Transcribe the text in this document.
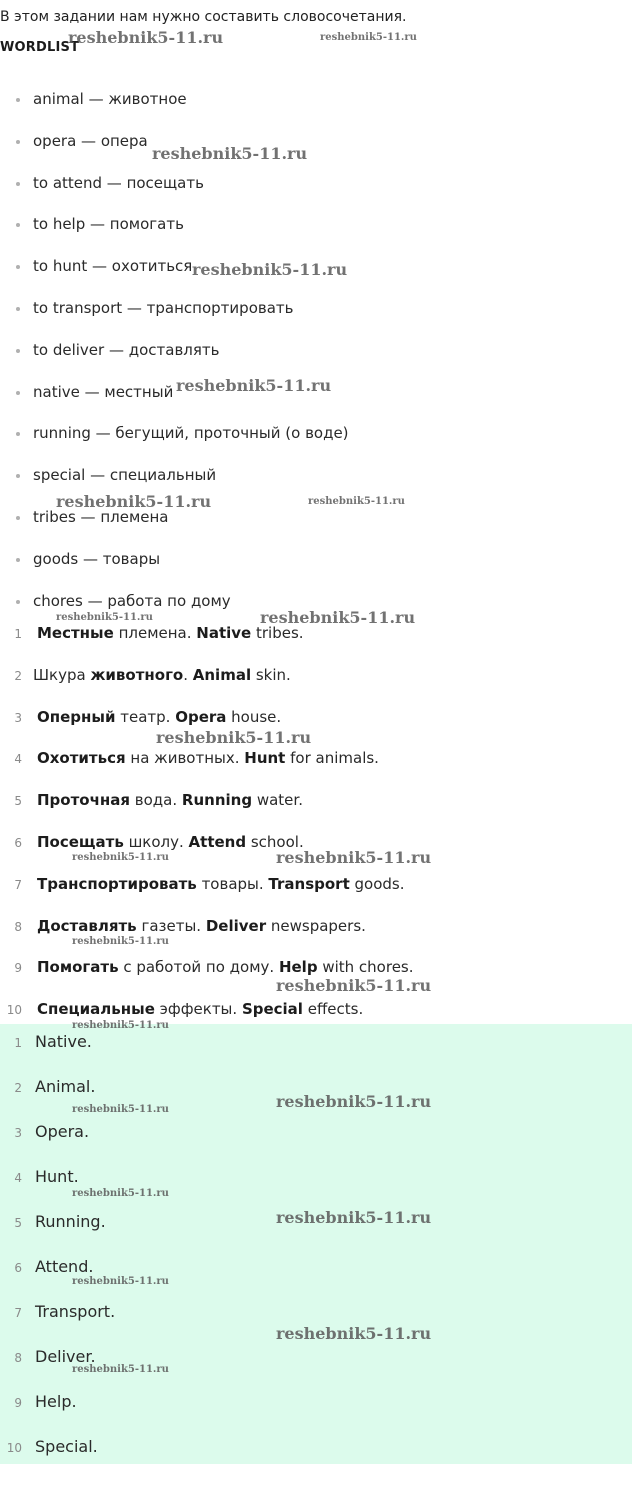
В этом задании нам нужно составить словосочетания.
WORDLIST
animal — животное
opera — опера
to attend — посещать
to help — помогать
to hunt — охотиться
to transport — транспортировать
to deliver — доставлять
native — местный
running — бегущий, проточный (о воде)
special — специальный
tribes — племена
goods — товары
chores — работа по дому
1 Местные племена. Native tribes.
2 Шкура животного. Animal skin.
3 Оперный театр. Opera house.
4 Охотиться на животных. Hunt for animals.
5 Проточная вода. Running water.
6 Посещать школу. Attend school.
7 Транспортировать товары. Transport goods.
8 Доставлять газеты. Deliver newspapers.
9 Помогать с работой по дому. Help with chores.
10 Специальные эффекты. Special effects.
1 Native.
2 Animal.
3 Opera.
4 Hunt.
5 Running.
6 Attend.
7 Transport.
8 Deliver.
9 Help.
10 Special.
reshebnik5-11.ru	reshebnik5-11.ru
reshebnik5-11.ru
reshebnik5-11.ru
reshebnik5-11.ru
reshebnik5-11.ru	reshebnik5-11.ru
reshebnik5-11.ru	reshebnik5-11.ru
reshebnik5-11.ru
reshebnik5-11.ru	reshebnik5-11.ru
reshebnik5-11.ru
reshebnik5-11.ru
reshebnik5-11.ru
reshebnik5-11.ru	reshebnik5-11.ru
reshebnik5-11.ru
reshebnik5-11.ru
reshebnik5-11.ru
reshebnik5-11.ru
reshebnik5-11.ru
